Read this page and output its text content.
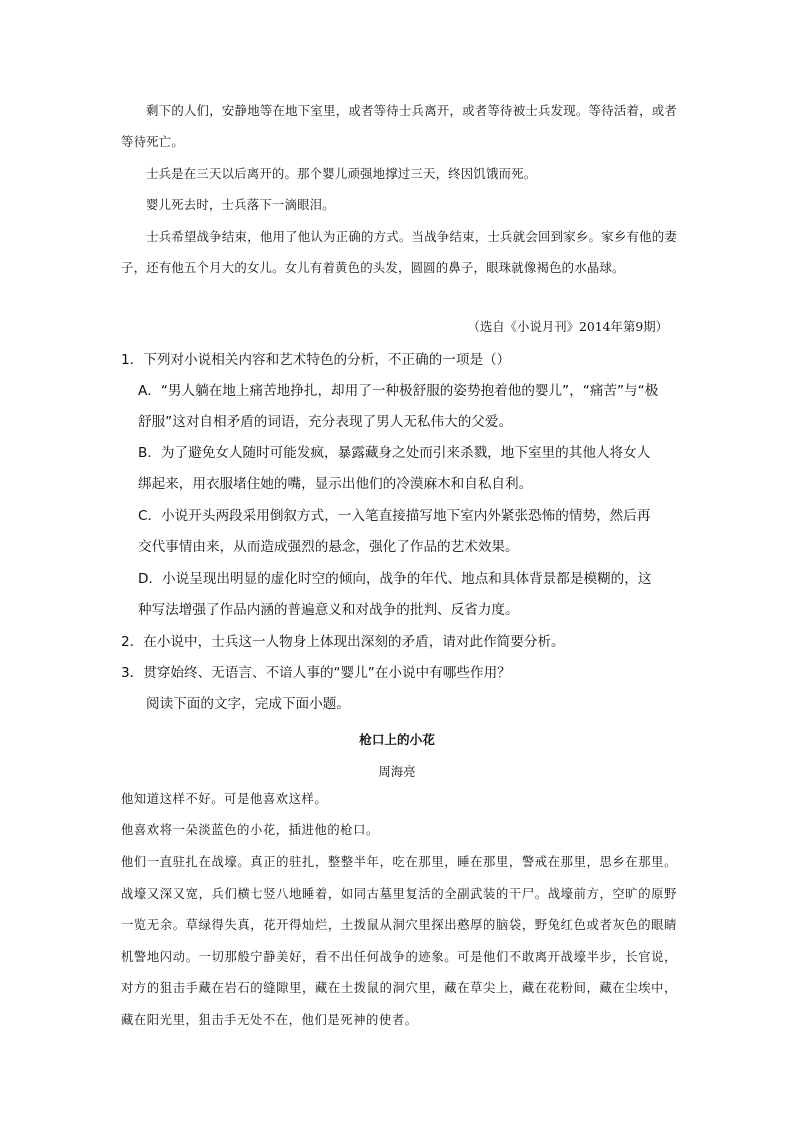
剩下的人们，安静地等在地下室里，或者等待士兵离开，或者等待被士兵发现。等待活着，或者等待死亡。

士兵是在三天以后离开的。那个婴儿顽强地撑过三天，终因饥饿而死。

婴儿死去时，士兵落下一滴眼泪。

士兵希望战争结束，他用了他认为正确的方式。当战争结束，士兵就会回到家乡。家乡有他的妻子，还有他五个月大的女儿。女儿有着黄色的头发，圆圆的鼻子，眼珠就像褐色的水晶球。

（选自《小说月刊》2014年第9期）

1．下列对小说相关内容和艺术特色的分析，不正确的一项是（）

A．“男人躺在地上痛苦地挣扎，却用了一种极舒服的姿势抱着他的婴儿”，“痛苦”与“极
舒服”这对自相矛盾的词语，充分表现了男人无私伟大的父爱。

B．为了避免女人随时可能发疯，暴露藏身之处而引来杀戮，地下室里的其他人将女人
绑起来，用衣服堵住她的嘴，显示出他们的冷漠麻木和自私自利。

C．小说开头两段采用倒叙方式，一入笔直接描写地下室内外紧张恐怖的情势，然后再
交代事情由来，从而造成强烈的悬念，强化了作品的艺术效果。

D．小说呈现出明显的虚化时空的倾向，战争的年代、地点和具体背景都是模糊的，这
种写法增强了作品内涵的普遍意义和对战争的批判、反省力度。

2．在小说中，士兵这一人物身上体现出深刻的矛盾，请对此作简要分析。

3．贯穿始终、无语言、不谙人事的“婴儿”在小说中有哪些作用？

阅读下面的文字，完成下面小题。

枪口上的小花

周海亮

他知道这样不好。可是他喜欢这样。

他喜欢将一朵淡蓝色的小花，插进他的枪口。

他们一直驻扎在战壕。真正的驻扎，整整半年，吃在那里，睡在那里，警戒在那里，思乡在那里。战壕又深又宽，兵们横七竖八地睡着，如同古墓里复活的全副武装的干尸。战壕前方，空旷的原野一览无余。草绿得失真，花开得灿烂，土拨鼠从洞穴里探出憨厚的脑袋，野兔红色或者灰色的眼睛机警地闪动。一切那般宁静美好，看不出任何战争的迹象。可是他们不敢离开战壕半步，长官说，对方的狙击手藏在岩石的缝隙里，藏在土拨鼠的洞穴里，藏在草尖上，藏在花粉间，藏在尘埃中，藏在阳光里，狙击手无处不在，他们是死神的使者。
